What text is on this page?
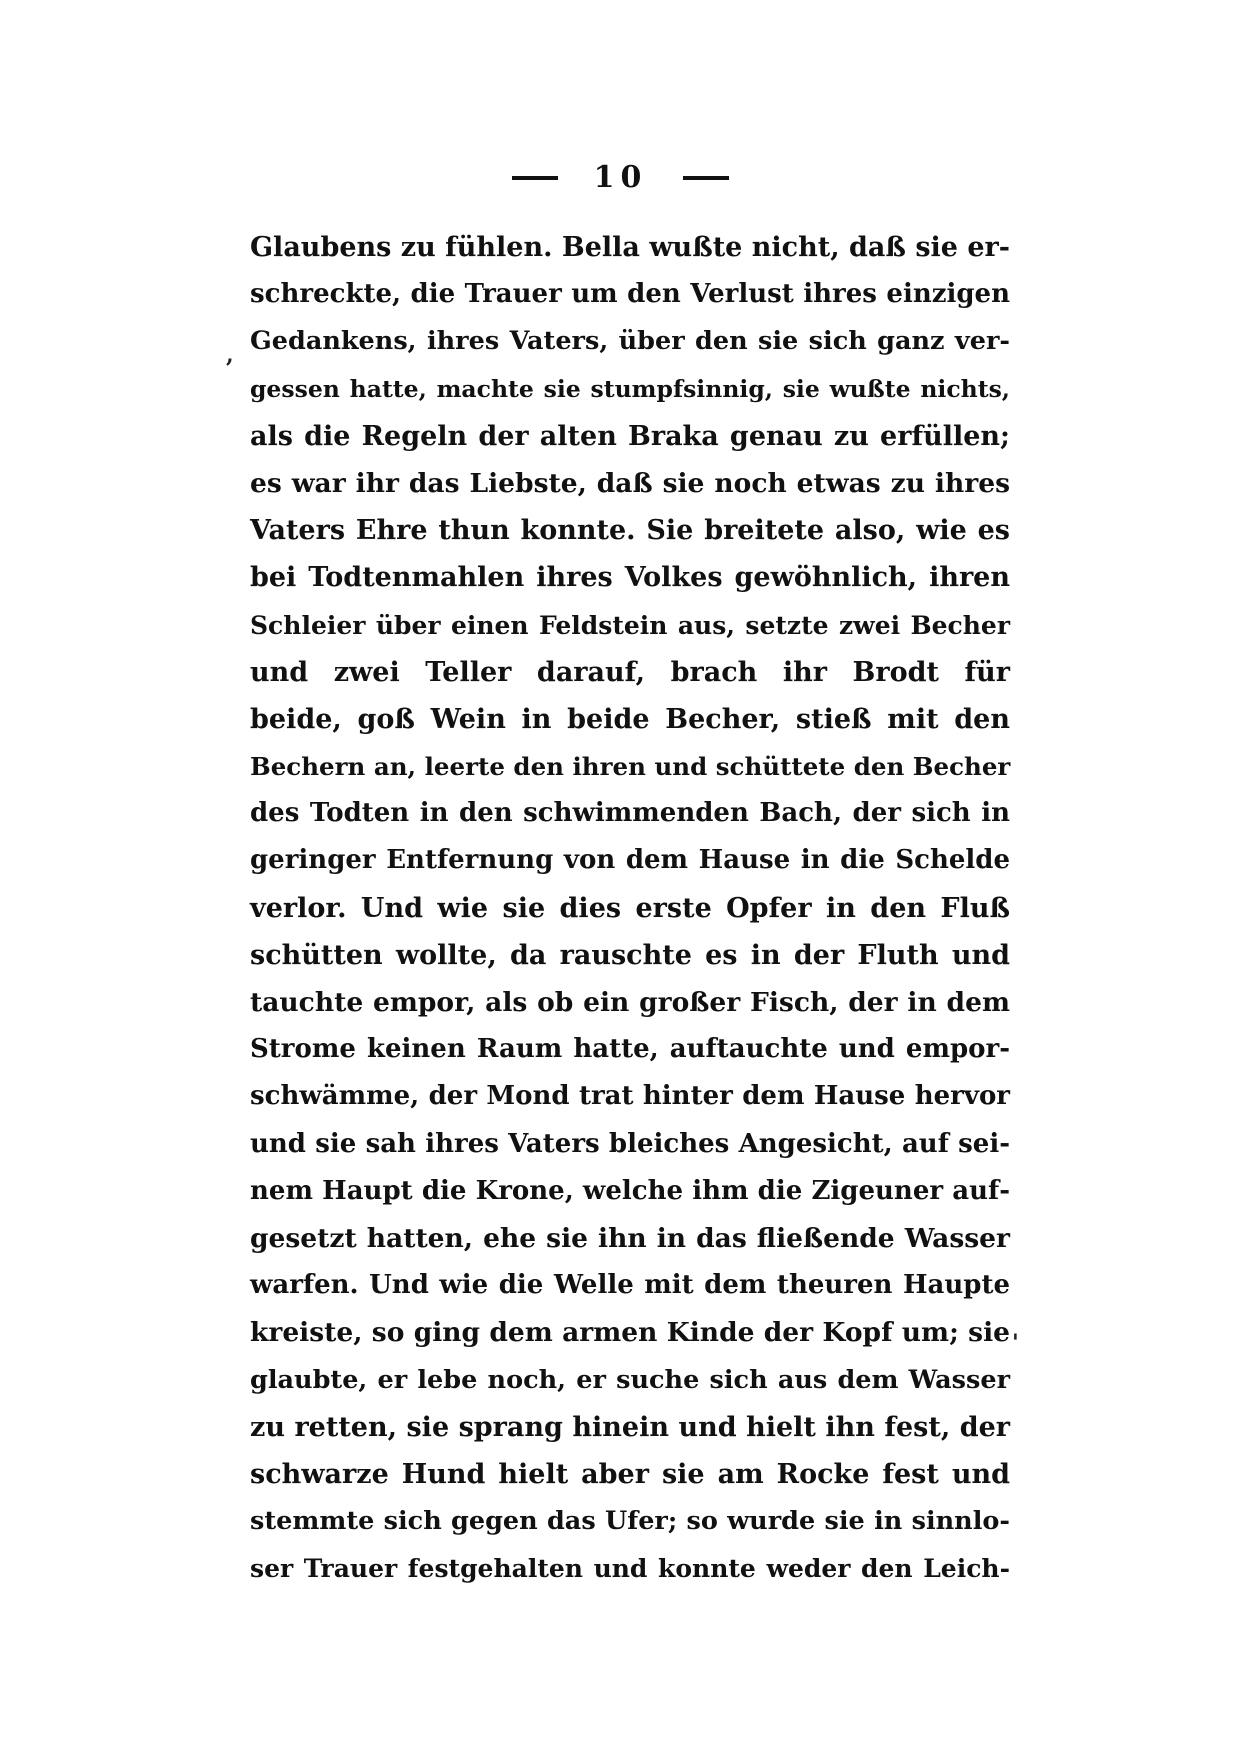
10
,
'
Glaubens zu fühlen. Bella wußte nicht, daß sie er‑
schreckte, die Trauer um den Verlust ihres einzigen
Gedankens, ihres Vaters, über den sie sich ganz ver‑
gessen hatte, machte sie stumpfsinnig, sie wußte nichts,
als die Regeln der alten Braka genau zu erfüllen;
es war ihr das Liebste, daß sie noch etwas zu ihres
Vaters Ehre thun konnte. Sie breitete also, wie es
bei Todtenmahlen ihres Volkes gewöhnlich, ihren
Schleier über einen Feldstein aus, setzte zwei Becher
und zwei Teller darauf, brach ihr Brodt für
beide, goß Wein in beide Becher, stieß mit den
Bechern an, leerte den ihren und schüttete den Becher
des Todten in den schwimmenden Bach, der sich in
geringer Entfernung von dem Hause in die Schelde
verlor. Und wie sie dies erste Opfer in den Fluß
schütten wollte, da rauschte es in der Fluth und
tauchte empor, als ob ein großer Fisch, der in dem
Strome keinen Raum hatte, auftauchte und empor‑
schwämme, der Mond trat hinter dem Hause hervor
und sie sah ihres Vaters bleiches Angesicht, auf sei‑
nem Haupt die Krone, welche ihm die Zigeuner auf‑
gesetzt hatten, ehe sie ihn in das fließende Wasser
warfen. Und wie die Welle mit dem theuren Haupte
kreiste, so ging dem armen Kinde der Kopf um; sie
glaubte, er lebe noch, er suche sich aus dem Wasser
zu retten, sie sprang hinein und hielt ihn fest, der
schwarze Hund hielt aber sie am Rocke fest und
stemmte sich gegen das Ufer; so wurde sie in sinnlo‑
ser Trauer festgehalten und konnte weder den Leich‑
